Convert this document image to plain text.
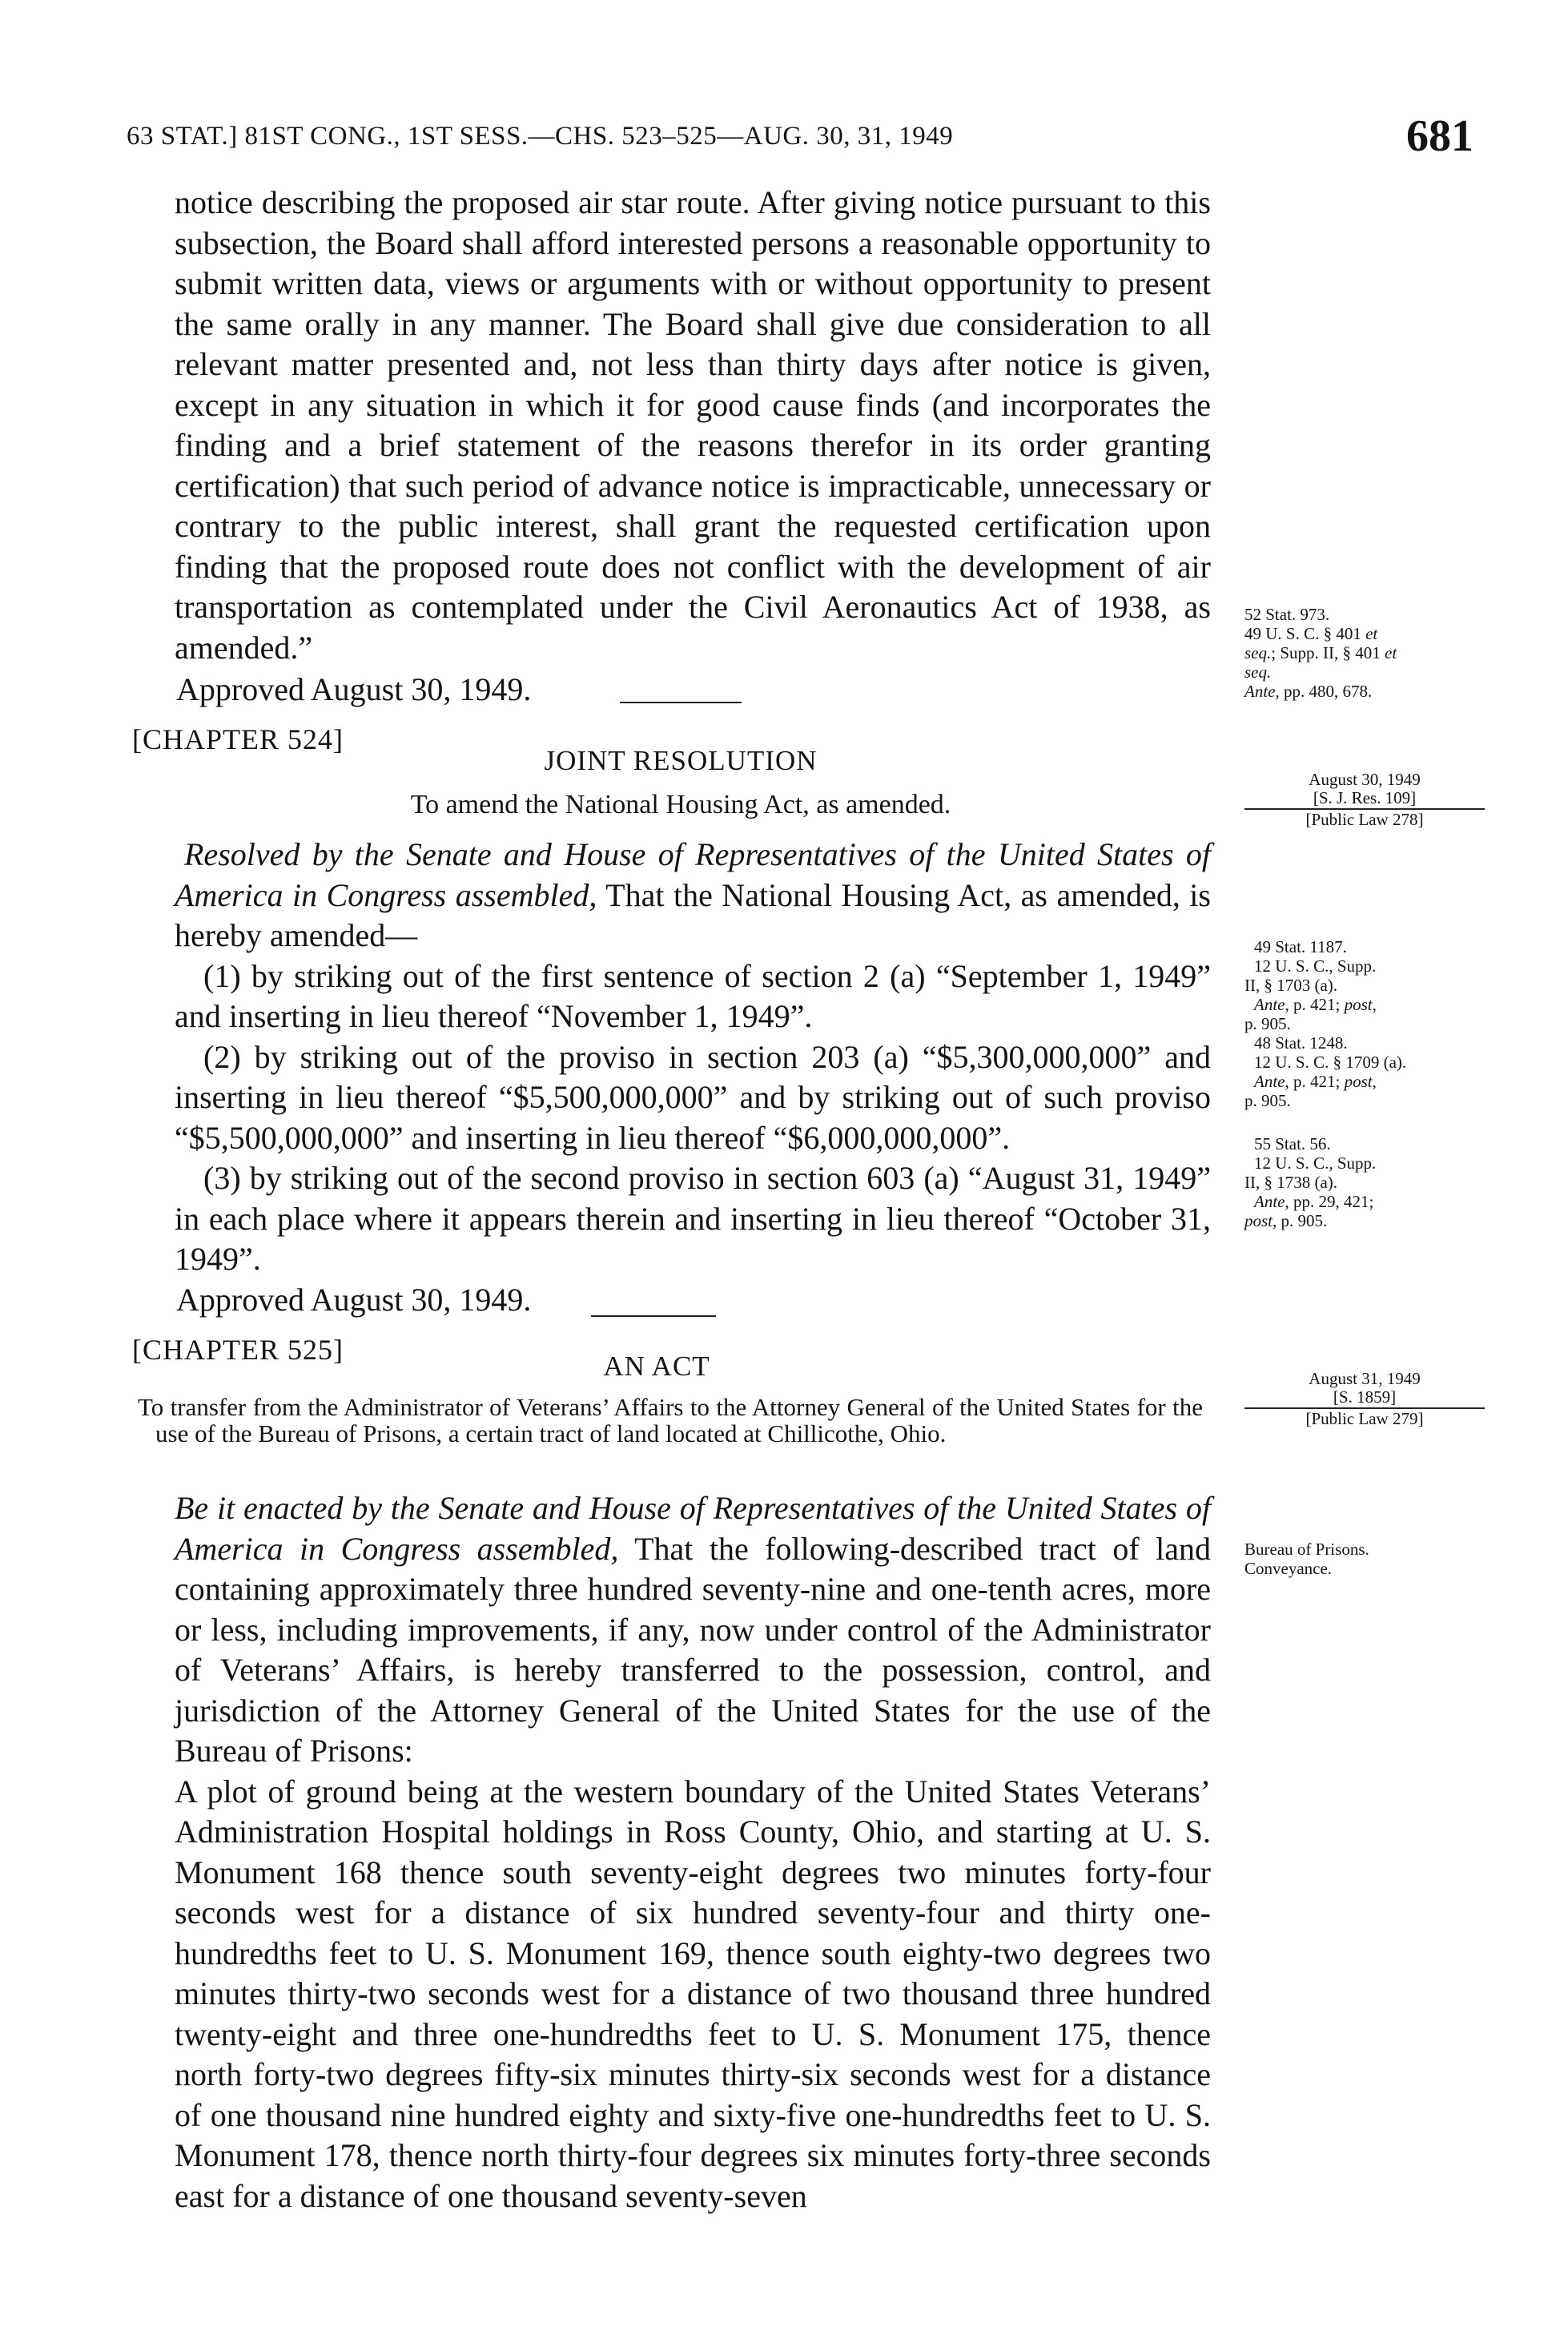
63 STAT.] 81ST CONG., 1ST SESS.—CHS. 523–525—AUG. 30, 31, 1949	681

notice describing the proposed air star route. After giving notice pursuant to this subsection, the Board shall afford interested persons a reasonable opportunity to submit written data, views or arguments with or without opportunity to present the same orally in any manner. The Board shall give due consideration to all relevant matter presented and, not less than thirty days after notice is given, except in any situation in which it for good cause finds (and incorporates the finding and a brief statement of the reasons therefor in its order granting certification) that such period of advance notice is impracticable, unnecessary or contrary to the public interest, shall grant the requested certification upon finding that the proposed route does not conflict with the development of air transportation as contemplated under the Civil Aeronautics Act of 1938, as amended.”

Approved August 30, 1949.

52 Stat. 973.
49 U. S. C. § 401 et
seq.; Supp. II, § 401 et
seq.
Ante, pp. 480, 678.
[CHAPTER 524]
JOINT RESOLUTION
To amend the National Housing Act, as amended.
August 30, 1949
[S. J. Res. 109]
[Public Law 278]

Resolved by the Senate and House of Representatives of the United States of America in Congress assembled, That the National Housing Act, as amended, is hereby amended—

(1) by striking out of the first sentence of section 2 (a) “September 1, 1949” and inserting in lieu thereof “November 1, 1949”.

(2) by striking out of the proviso in section 203 (a) “$5,300,000,000” and inserting in lieu thereof “$5,500,000,000” and by striking out of such proviso “$5,500,000,000” and inserting in lieu thereof “$6,000,000,000”.

(3) by striking out of the second proviso in section 603 (a) “August 31, 1949” in each place where it appears therein and inserting in lieu thereof “October 31, 1949”.

Approved August 30, 1949.

49 Stat. 1187.
12 U. S. C., Supp.
II, § 1703 (a).
Ante, p. 421; post,
p. 905.
48 Stat. 1248.
12 U. S. C. § 1709 (a).
Ante, p. 421; post,
p. 905.
55 Stat. 56.
12 U. S. C., Supp.
II, § 1738 (a).
Ante, pp. 29, 421;
post, p. 905.
[CHAPTER 525]
AN ACT
To transfer from the Administrator of Veterans’ Affairs to the Attorney General of the United States for the use of the Bureau of Prisons, a certain tract of land located at Chillicothe, Ohio.
August 31, 1949
[S. 1859]
[Public Law 279]

Be it enacted by the Senate and House of Representatives of the United States of America in Congress assembled, That the following-described tract of land containing approximately three hundred seventy-nine and one-tenth acres, more or less, including improvements, if any, now under control of the Administrator of Veterans’ Affairs, is hereby transferred to the possession, control, and jurisdiction of the Attorney General of the United States for the use of the Bureau of Prisons:

A plot of ground being at the western boundary of the United States Veterans’ Administration Hospital holdings in Ross County, Ohio, and starting at U. S. Monument 168 thence south seventy-eight degrees two minutes forty-four seconds west for a distance of six hundred seventy-four and thirty one-hundredths feet to U. S. Monument 169, thence south eighty-two degrees two minutes thirty-two seconds west for a distance of two thousand three hundred twenty-eight and three one-hundredths feet to U. S. Monument 175, thence north forty-two degrees fifty-six minutes thirty-six seconds west for a distance of one thousand nine hundred eighty and sixty-five one-hundredths feet to U. S. Monument 178, thence north thirty-four degrees six minutes forty-three seconds east for a distance of one thousand seventy-seven

Bureau of Prisons.
Conveyance.
